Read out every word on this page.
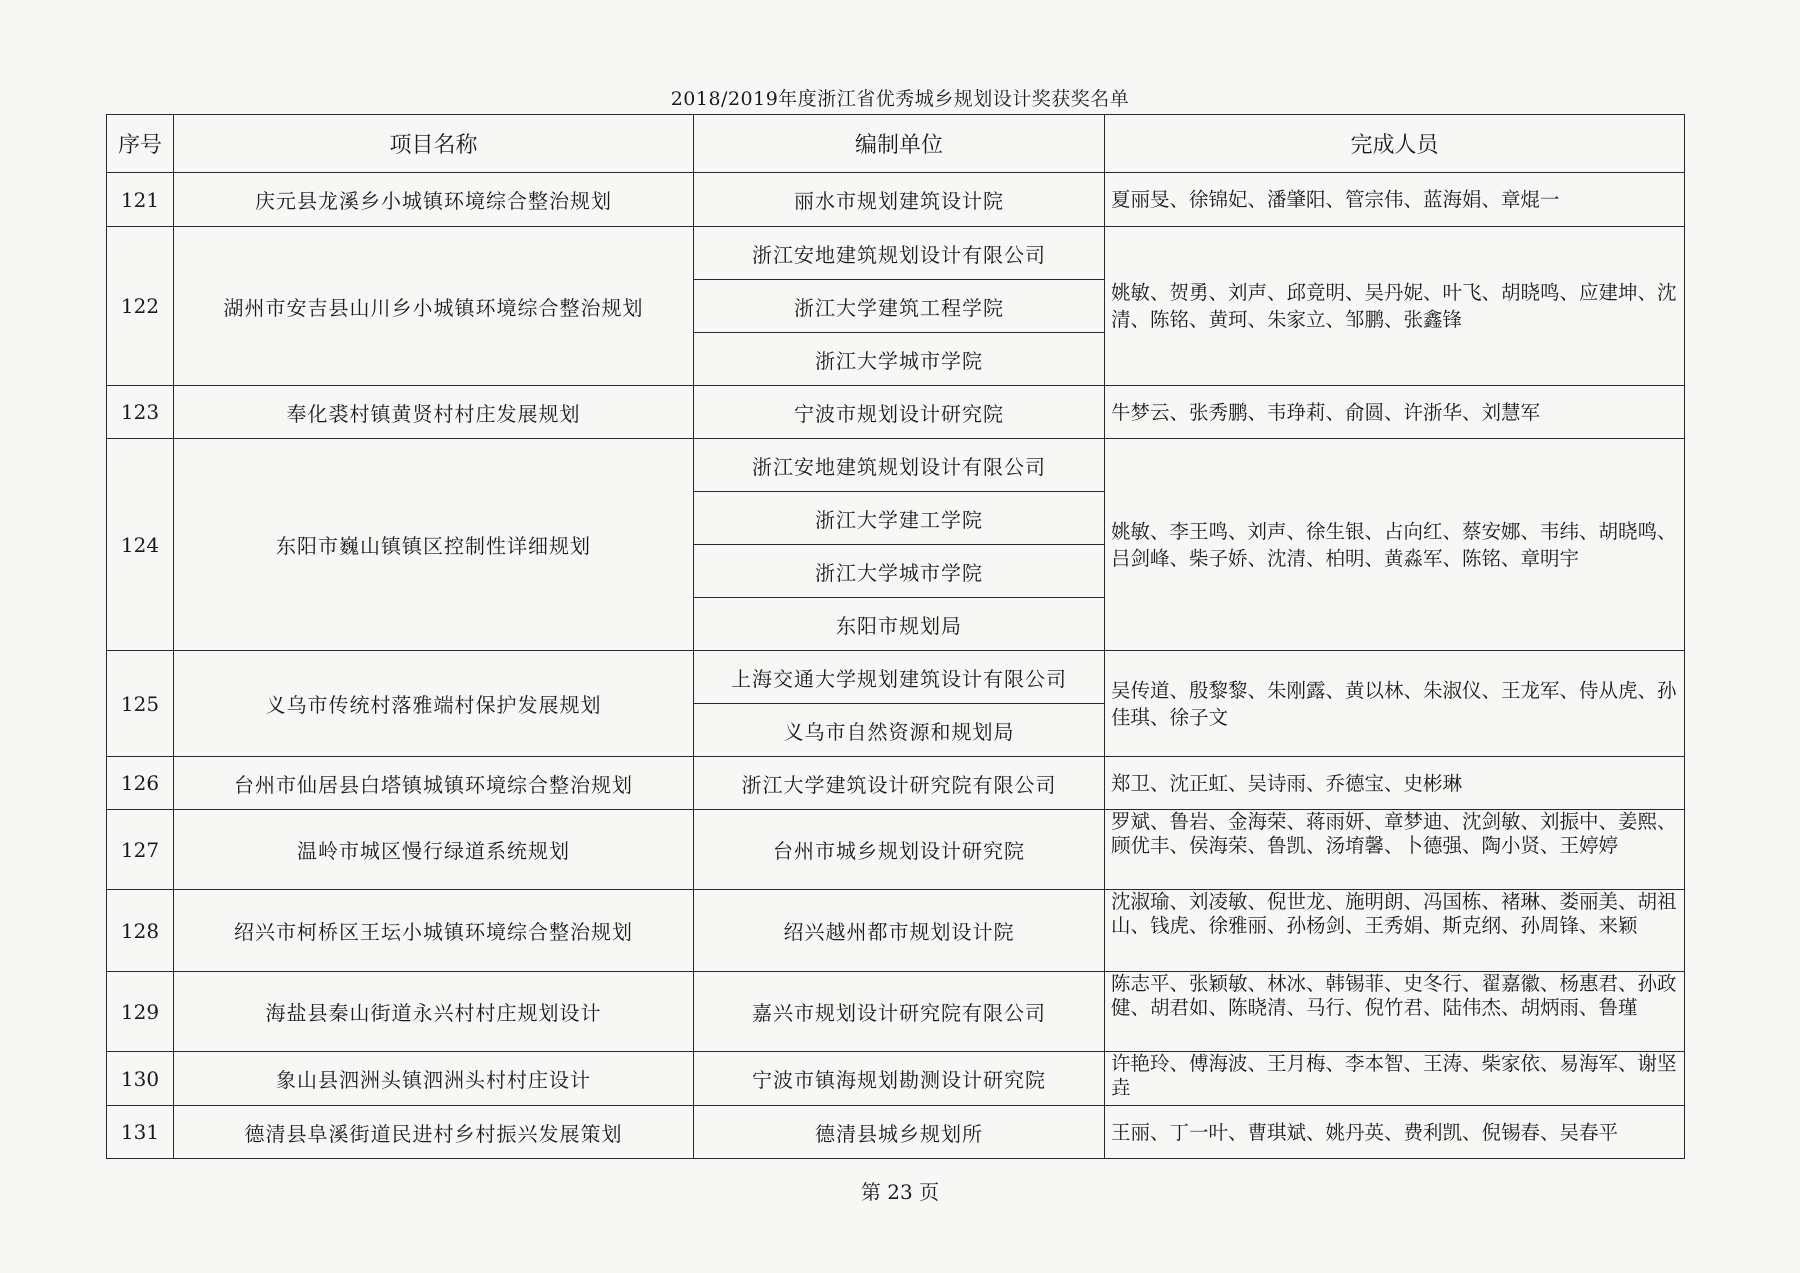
2018/2019年度浙江省优秀城乡规划设计奖获奖名单
序号	项目名称	编制单位	完成人员
121	庆元县龙溪乡小城镇环境综合整治规划	丽水市规划建筑设计院	夏丽旻、徐锦妃、潘肇阳、管宗伟、蓝海娟、章焜一
122	湖州市安吉县山川乡小城镇环境综合整治规划	浙江安地建筑规划设计有限公司	姚敏、贺勇、刘声、邱竟明、吴丹妮、叶飞、胡晓鸣、应建坤、沈清、陈铭、黄珂、朱家立、邹鹏、张鑫锋
		浙江大学建筑工程学院	
		浙江大学城市学院	
123	奉化裘村镇黄贤村村庄发展规划	宁波市规划设计研究院	牛梦云、张秀鹏、韦琤莉、俞圆、许浙华、刘慧军
124	东阳市巍山镇镇区控制性详细规划	浙江安地建筑规划设计有限公司	姚敏、李王鸣、刘声、徐生银、占向红、蔡安娜、韦纬、胡晓鸣、吕剑峰、柴子娇、沈清、柏明、黄淼军、陈铭、章明宇
		浙江大学建工学院	
		浙江大学城市学院	
		东阳市规划局	
125	义乌市传统村落雅端村保护发展规划	上海交通大学规划建筑设计有限公司	吴传道、殷黎黎、朱刚露、黄以林、朱淑仪、王龙军、侍从虎、孙佳琪、徐子文
		义乌市自然资源和规划局	
126	台州市仙居县白塔镇城镇环境综合整治规划	浙江大学建筑设计研究院有限公司	郑卫、沈正虹、吴诗雨、乔德宝、史彬琳
127	温岭市城区慢行绿道系统规划	台州市城乡规划设计研究院	罗斌、鲁岩、金海荣、蒋雨妍、章梦迪、沈剑敏、刘振中、姜熙、顾优丰、侯海荣、鲁凯、汤堉馨、卜德强、陶小贤、王婷婷
128	绍兴市柯桥区王坛小城镇环境综合整治规划	绍兴越州都市规划设计院	沈淑瑜、刘凌敏、倪世龙、施明朗、冯国栋、褚琳、娄丽美、胡祖山、钱虎、徐雅丽、孙杨剑、王秀娟、斯克纲、孙周锋、来颖
129	海盐县秦山街道永兴村村庄规划设计	嘉兴市规划设计研究院有限公司	陈志平、张颖敏、林冰、韩锡菲、史冬行、翟嘉徽、杨惠君、孙政健、胡君如、陈晓清、马行、倪竹君、陆伟杰、胡炳雨、鲁瑾
130	象山县泗洲头镇泗洲头村村庄设计	宁波市镇海规划勘测设计研究院	许艳玲、傅海波、王月梅、李本智、王涛、柴家依、易海军、谢坚垚
131	德清县阜溪街道民进村乡村振兴发展策划	德清县城乡规划所	王丽、丁一叶、曹琪斌、姚丹英、费利凯、倪锡春、吴春平
第 23 页
